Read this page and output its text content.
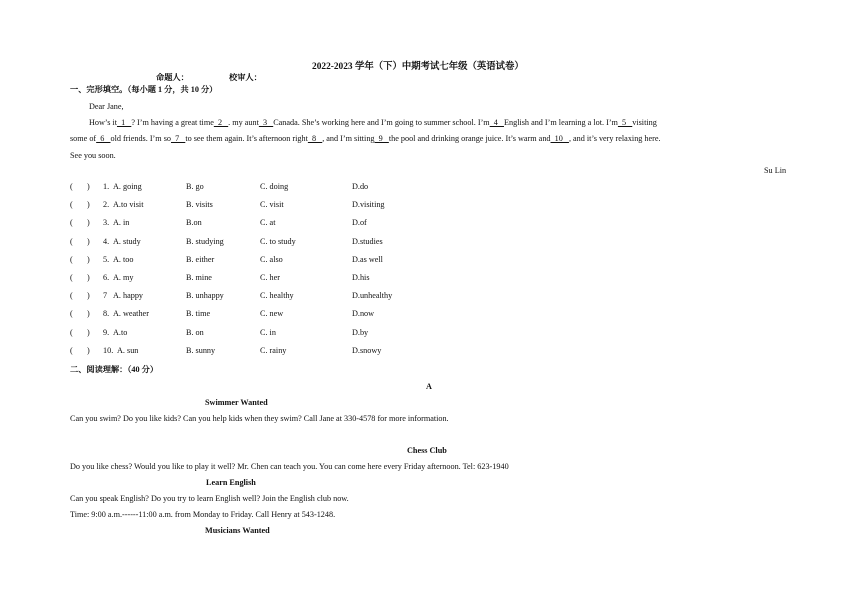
2022-2023 学年（下）中期考试七年级（英语试卷）
命题人：	校审人：
一、完形填空。（每小题 1 分，共 10 分）
Dear Jane,
How’s it  1   ? I’m having a great time  2   . my aunt  3   Canada. She’s working here and I’m going to summer school. I’m  4   English and I’m learning a lot. I’m  5   visiting
some of  6   old friends. I’m so  7   to see them again. It’s afternoon right  8   , and I’m sitting  9   the pool and drinking orange juice. It’s warm and  10   , and it’s very relaxing here.
See you soon.
Su Lin
(       ) 1. A. going	B. go	C. doing	D.do
(       ) 2. A.to visit	B. visits	C. visit	D.visiting
(       ) 3. A. in	B.on	C. at	D.of
(       ) 4. A. study	B. studying	C. to study	D.studies
(       ) 5. A. too	B. either	C. also	D.as well
(       ) 6. A. my	B. mine	C. her	D.his
(       ) 7 A. happy	B. unhappy	C. healthy	D.unhealthy
(       ) 8. A. weather	B. time	C. new	D.now
(       ) 9. A.to	B. on	C. in	D.by
(       ) 10. A. sun	B. sunny	C. rainy	D.snowy
二、阅读理解：（40 分）
A
Swimmer Wanted
Can you swim? Do you like kids? Can you help kids when they swim? Call Jane at 330-4578 for more information.
Chess Club
Do you like chess? Would you like to play it well? Mr. Chen can teach you. You can come here every Friday afternoon. Tel: 623-1940
Learn English
Can you speak English? Do you try to learn English well? Join the English club now.
Time: 9:00 a.m.------11:00 a.m. from Monday to Friday. Call Henry at 543-1248.
Musicians Wanted
